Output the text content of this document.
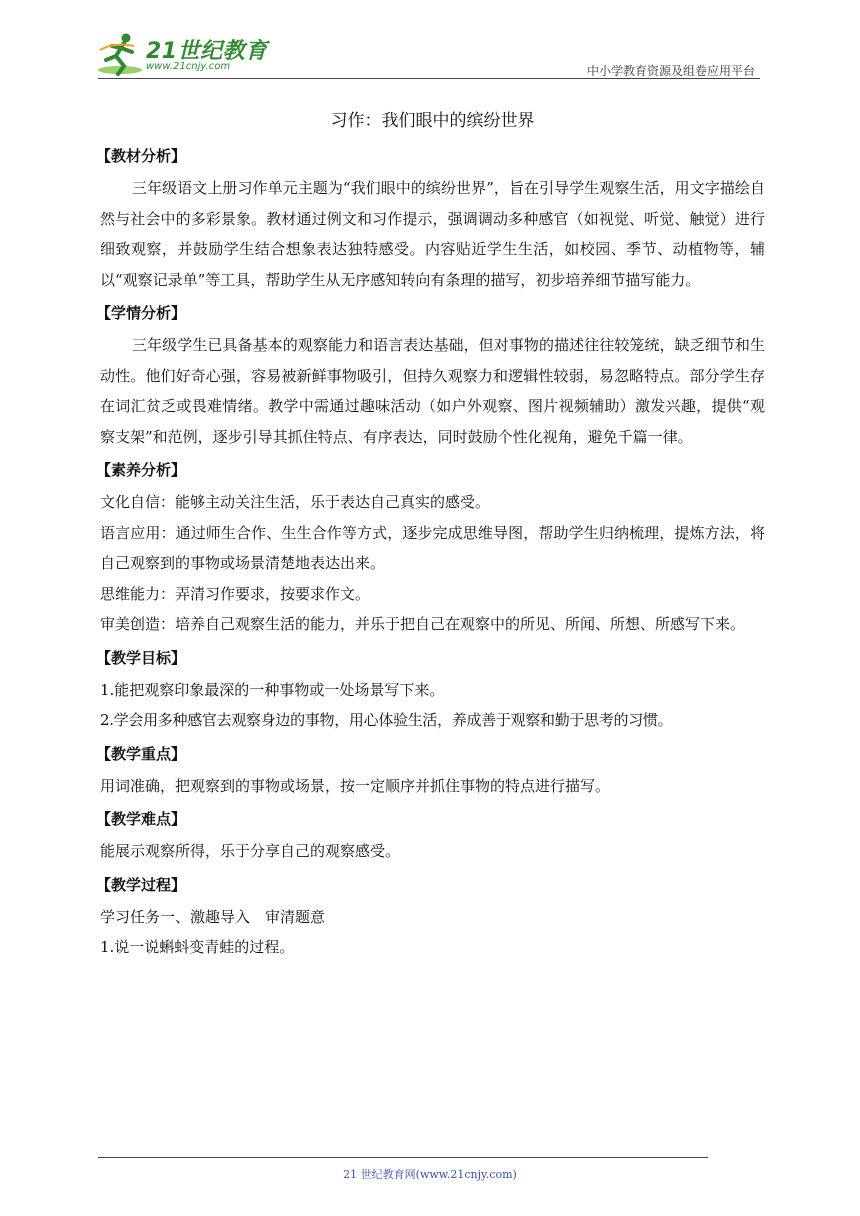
21世纪教育
www.21cnjy.com	中小学教育资源及组卷应用平台
习作：我们眼中的缤纷世界
【教材分析】

三年级语文上册习作单元主题为“我们眼中的缤纷世界”，旨在引导学生观察生活，用文字描绘自然与社会中的多彩景象。教材通过例文和习作提示，强调调动多种感官（如视觉、听觉、触觉）进行细致观察，并鼓励学生结合想象表达独特感受。内容贴近学生生活，如校园、季节、动植物等，辅以“观察记录单”等工具，帮助学生从无序感知转向有条理的描写，初步培养细节描写能力。

【学情分析】

三年级学生已具备基本的观察能力和语言表达基础，但对事物的描述往往较笼统，缺乏细节和生动性。他们好奇心强，容易被新鲜事物吸引，但持久观察力和逻辑性较弱，易忽略特点。部分学生存在词汇贫乏或畏难情绪。教学中需通过趣味活动（如户外观察、图片视频辅助）激发兴趣，提供“观察支架”和范例，逐步引导其抓住特点、有序表达，同时鼓励个性化视角，避免千篇一律。

【素养分析】

文化自信：能够主动关注生活，乐于表达自己真实的感受。

语言应用：通过师生合作、生生合作等方式，逐步完成思维导图，帮助学生归纳梳理，提炼方法，将自己观察到的事物或场景清楚地表达出来。

思维能力：弄清习作要求，按要求作文。

审美创造：培养自己观察生活的能力，并乐于把自己在观察中的所见、所闻、所想、所感写下来。

【教学目标】

1.能把观察印象最深的一种事物或一处场景写下来。

2.学会用多种感官去观察身边的事物，用心体验生活，养成善于观察和勤于思考的习惯。

【教学重点】

用词准确，把观察到的事物或场景，按一定顺序并抓住事物的特点进行描写。

【教学难点】

能展示观察所得，乐于分享自己的观察感受。

【教学过程】

学习任务一、激趣导入　审清题意

1.说一说蝌蚪变青蛙的过程。

21 世纪教育网(www.21cnjy.com)
